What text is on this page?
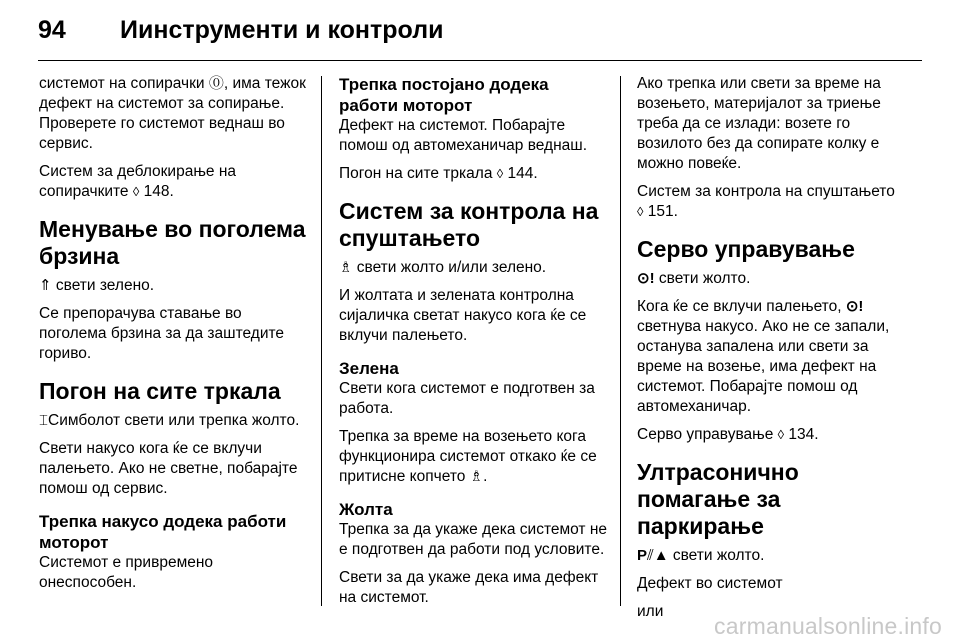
94 Иинструменти и контроли

системот на сопирачки ⓪, има тежок дефект на системот за сопирање. Проверете го системот веднаш во сервис.

Систем за деблокирање на сопирачките ◊ 148.

Менување во поголема брзина

⇑ свети зелено.

Се препорачува ставање во поголема брзина за да заштедите гориво.

Погон на сите тркала

⌶Симболот свети или трепка жолто.

Свети накусо кога ќе се вклучи палењето. Ако не светне, побарајте помош од сервис.

Трепка накусо додека работи моторот

Системот е привремено онеспособен.

Трепка постојано додека работи моторот

Дефект на системот. Побарајте помош од автомеханичар веднаш.

Погон на сите тркала ◊ 144.

Систем за контрола на спуштањето

♗ свети жолто и/или зелено.

И жолтата и зелената контролна сијаличка светат накусо кога ќе се вклучи палењето.

Зелена

Свети кога системот е подготвен за работа.

Трепка за време на возењето кога функционира системот откако ќе се притисне копчето ♗.

Жолта

Трепка за да укаже дека системот не е подготвен да работи под условите.

Свети за да укаже дека има дефект на системот.

Ако трепка или свети за време на возењето, материјалот за триење треба да се излади: возете го возилото без да сопирате колку е можно повеќе.

Систем за контрола на спуштањето ◊ 151.

Серво управување

⊙! свети жолто.

Кога ќе се вклучи палењето, ⊙! светнува накусо. Ако не се запали, останува запалена или свети за време на возење, има дефект на системот. Побарајте помош од автомеханичар.

Серво управување ◊ 134.

Ултрасонично помагање за паркирање

P⫽▲ свети жолто.

Дефект во системот

или

carmanualsonline.info
